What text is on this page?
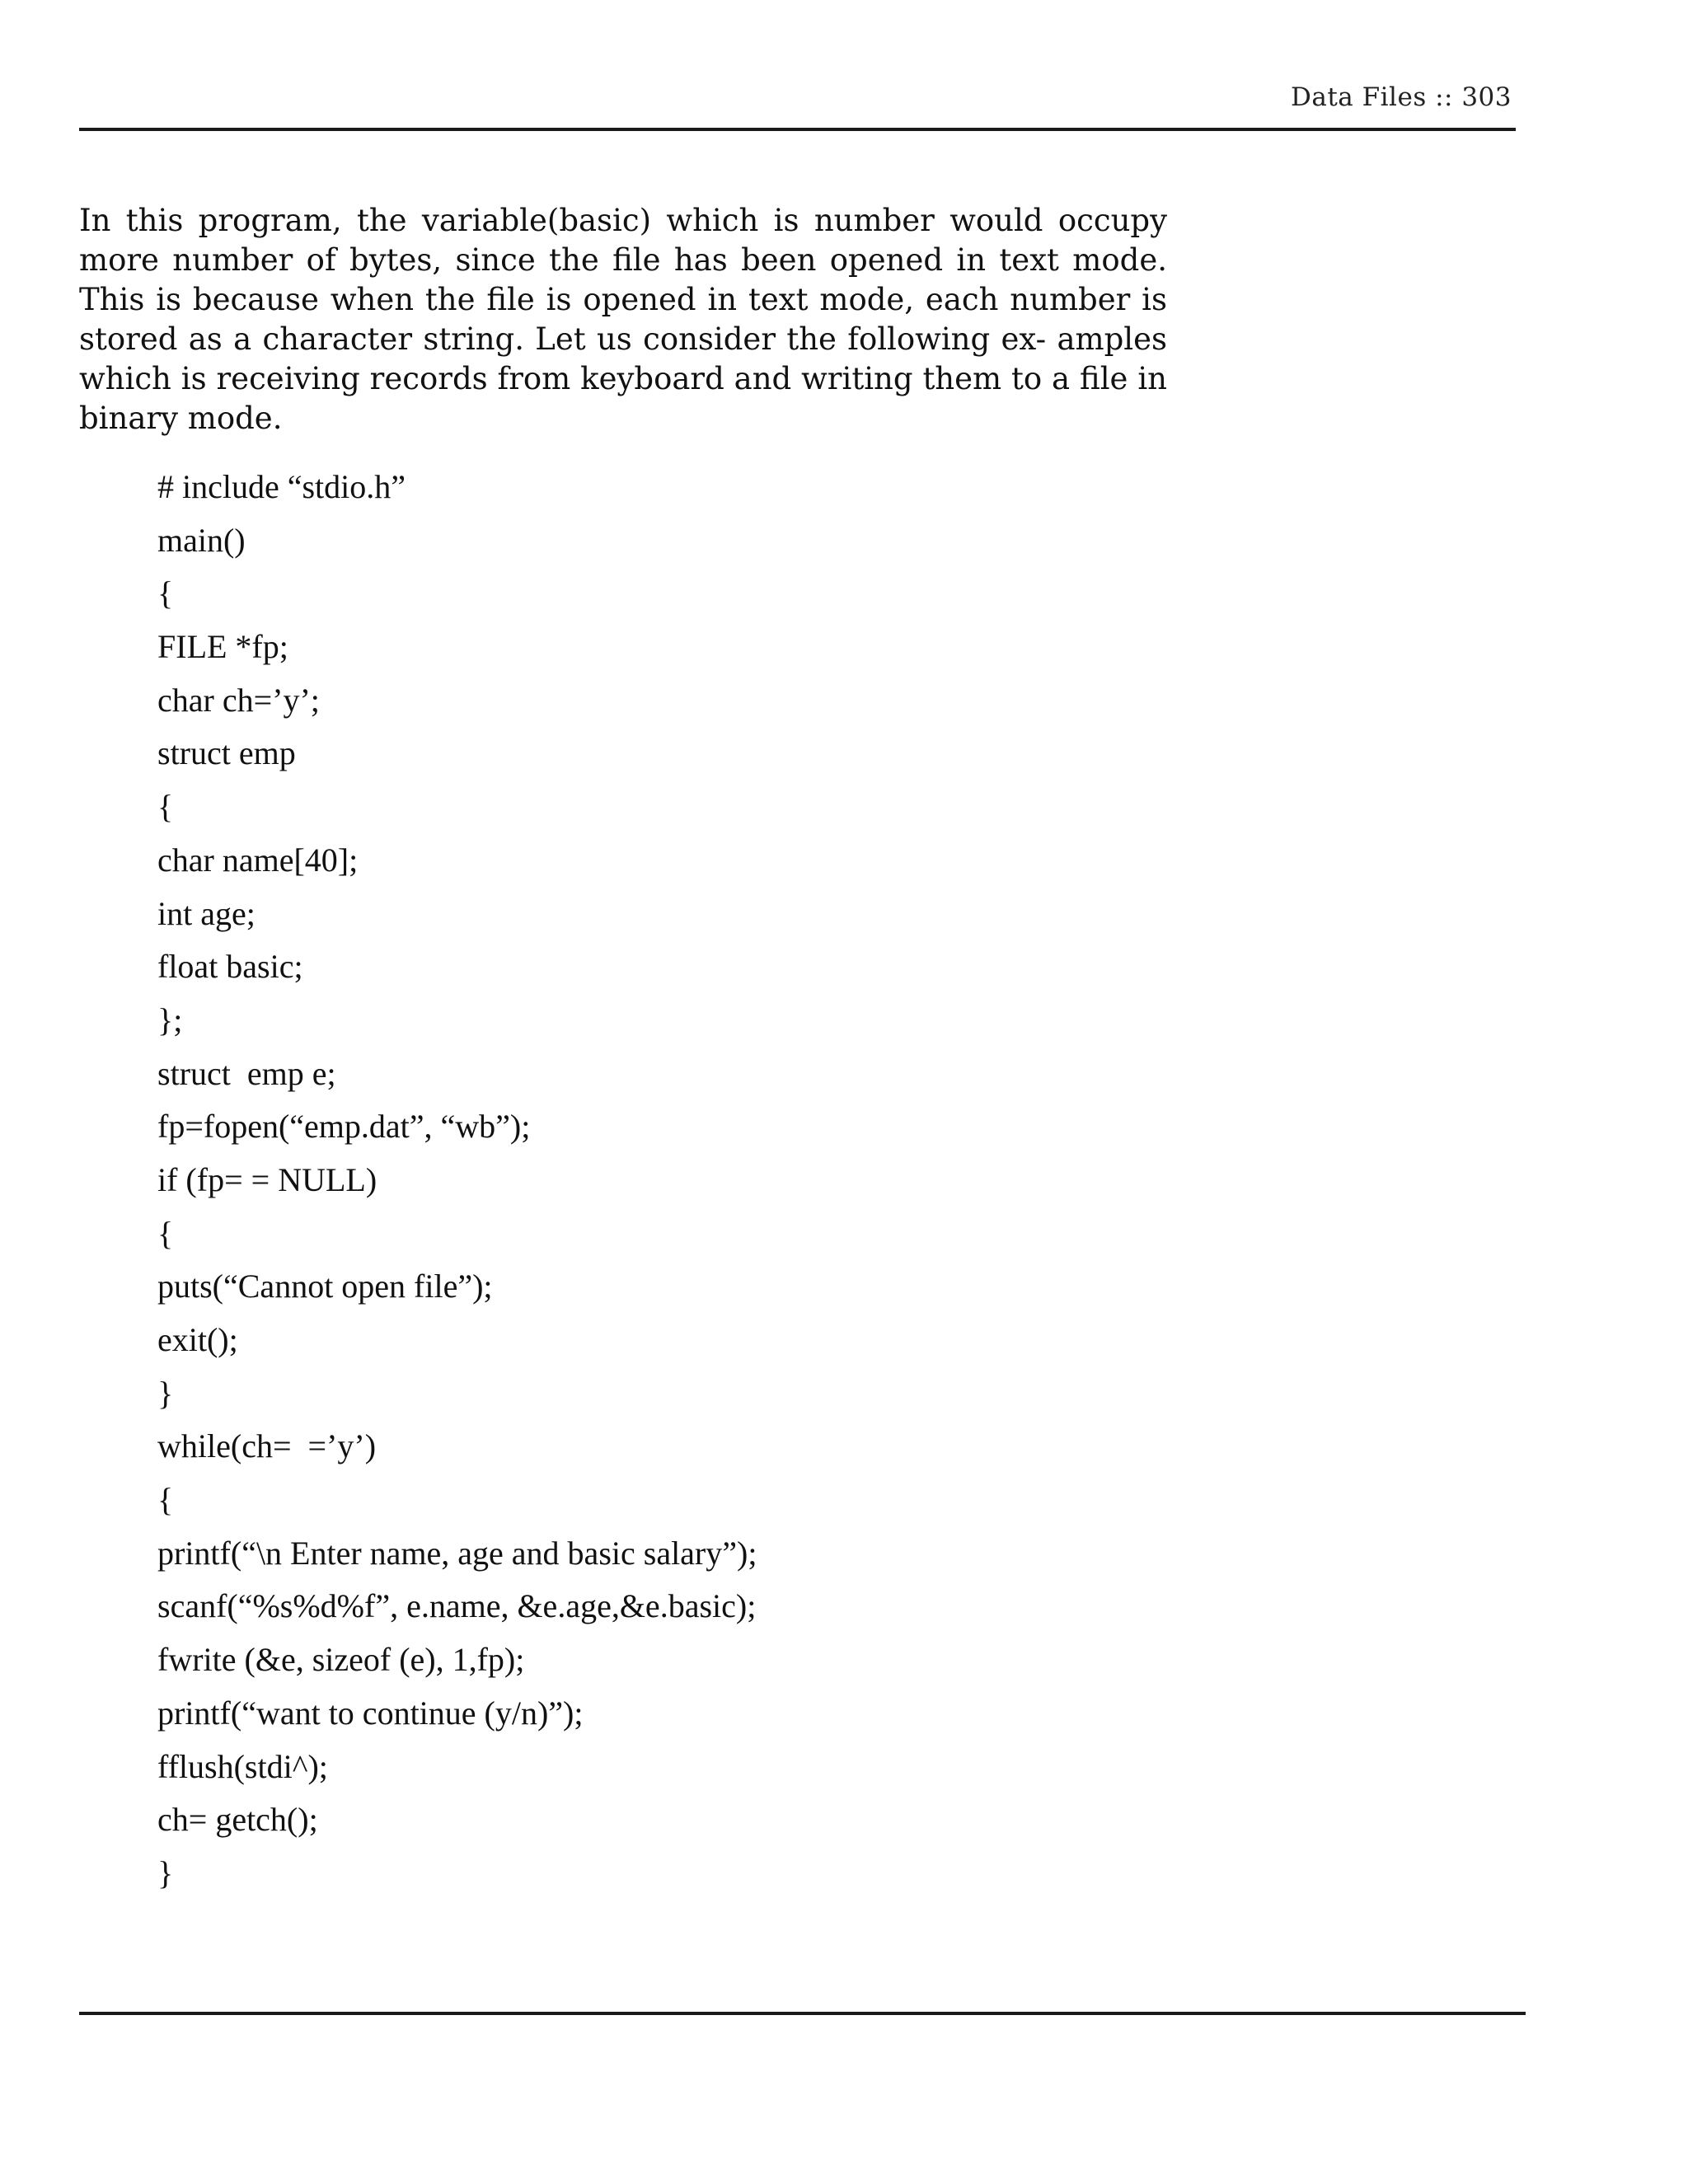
Data Files :: 303

In this program, the variable(basic) which is number would occupy more number of bytes, since the file has been opened in text mode. This is because when the file is opened in text mode, each number is stored as a character string. Let us consider the following ex- amples which is receiving records from keyboard and writing them to a file in binary mode.

# include “stdio.h”
main()
{
FILE *fp;
char ch=’y’;
struct emp
{
char name[40];
int age;
float basic;
};
struct  emp e;
fp=fopen(“emp.dat”, “wb”);
if (fp= = NULL)
{
puts(“Cannot open file”);
exit();
}
while(ch=  =’y’)
{
printf(“\n Enter name, age and basic salary”);
scanf(“%s%d%f”, e.name, &e.age,&e.basic);
fwrite (&e, sizeof (e), 1,fp);
printf(“want to continue (y/n)”);
fflush(stdi^);
ch= getch();
}
